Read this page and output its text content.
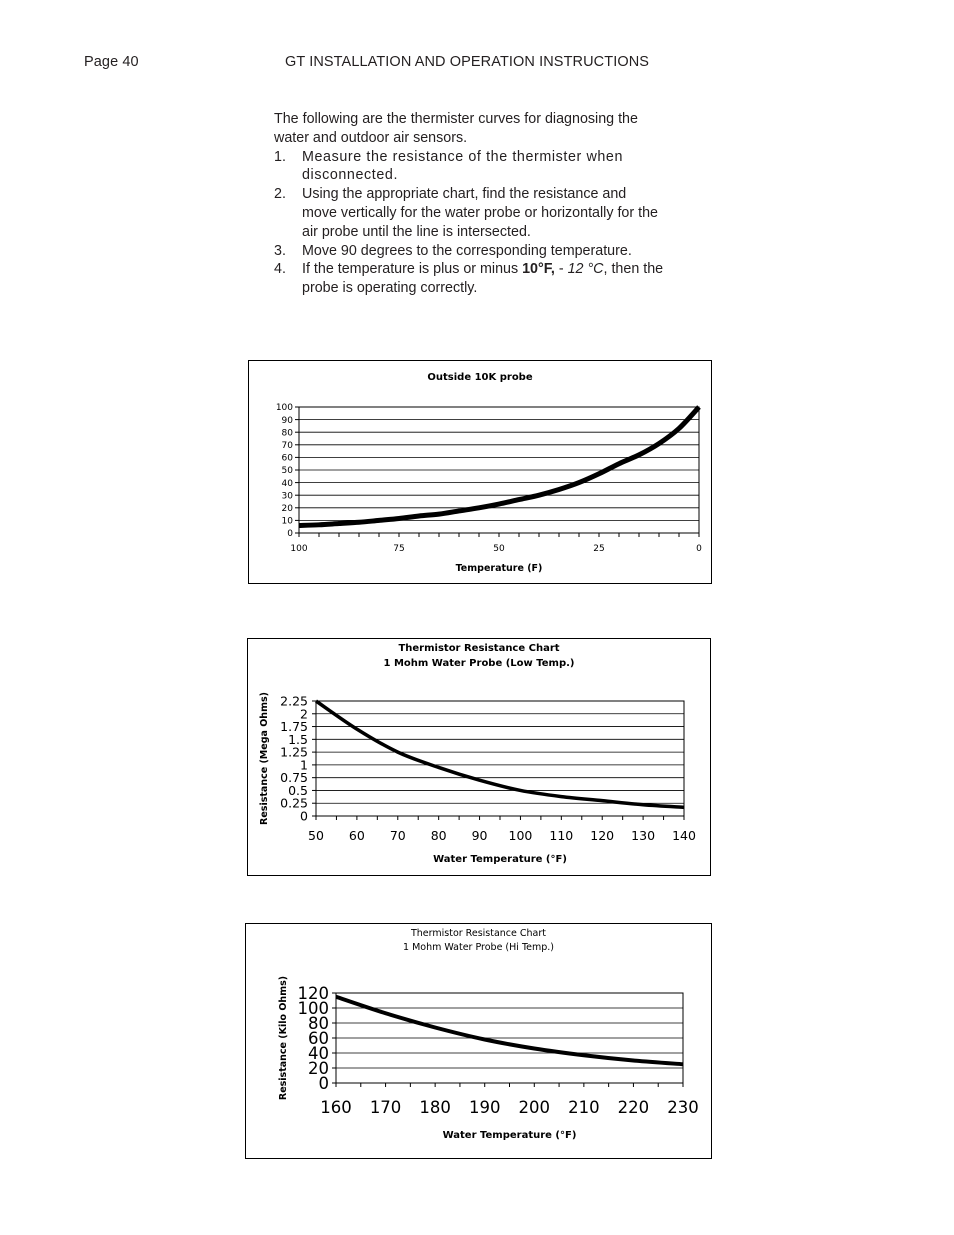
Page 40	GT INSTALLATION AND OPERATION INSTRUCTIONS

The following are the thermister curves for diagnosing the water and outdoor air sensors.

1. Measure the resistance of the thermister when disconnected.
2. Using the appropriate chart, find the resistance and move vertically for the water probe or horizontally for the air probe until the line is intersected.
3. Move 90 degrees to the corresponding temperature.
4. If the temperature is plus or minus 10°F, - 12 °C, then the probe is operating correctly.
0
10
20
30
40
50
60
70
80
90
100
100	75	50	25	0
Outside 10K probe
Temperature (F)
0
0.25
0.5
0.75
1
1.25
1.5
1.75
2
2.25
50 60 70 80 90 100 110 120 130 140
Thermistor Resistance Chart
1 Mohm Water Probe (Low Temp.)
Water Temperature (°F)
Resistance (Mega Ohms)
0
20
40
60
80
100
120
160 170 180 190 200 210 220 230
Thermistor Resistance Chart
1 Mohm Water Probe (Hi Temp.)
Water Temperature (°F)
Resistance (Kilo Ohms)
